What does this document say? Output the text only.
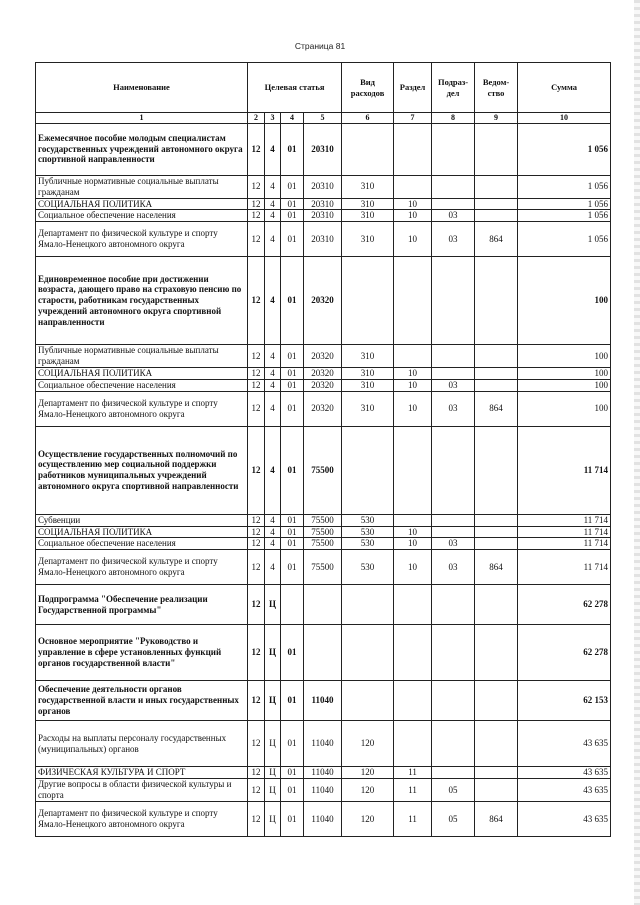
Страница 81
Наименование	Целевая статья				Вид расходов	Раздел	Подраз- дел	Ведом- ство	Сумма
1	2	3	4	5	6	7	8	9	10
Ежемесячное пособие молодым специалистам государственных учреждений автономного округа спортивной направленности	12	4	01	20310					1 056
Публичные нормативные социальные выплаты гражданам	12	4	01	20310	310				1 056
СОЦИАЛЬНАЯ ПОЛИТИКА	12	4	01	20310	310	10			1 056
Социальное обеспечение населения	12	4	01	20310	310	10	03		1 056
Департамент по физической культуре и спорту Ямало-Ненецкого автономного округа	12	4	01	20310	310	10	03	864	1 056
Единовременное пособие при достижении возраста, дающего право на страховую пенсию по старости, работникам государственных учреждений автономного округа спортивной направленности	12	4	01	20320					100
Публичные нормативные социальные выплаты гражданам	12	4	01	20320	310				100
СОЦИАЛЬНАЯ ПОЛИТИКА	12	4	01	20320	310	10			100
Социальное обеспечение населения	12	4	01	20320	310	10	03		100
Департамент по физической культуре и спорту Ямало-Ненецкого автономного округа	12	4	01	20320	310	10	03	864	100
Осуществление государственных полномочий по осуществлению мер социальной поддержки работников муниципальных учреждений автономного округа спортивной направленности	12	4	01	75500					11 714
Субвенции	12	4	01	75500	530				11 714
СОЦИАЛЬНАЯ ПОЛИТИКА	12	4	01	75500	530	10			11 714
Социальное обеспечение населения	12	4	01	75500	530	10	03		11 714
Департамент по физической культуре и спорту Ямало-Ненецкого автономного округа	12	4	01	75500	530	10	03	864	11 714
Подпрограмма "Обеспечение реализации Государственной программы"	12	Ц							62 278
Основное мероприятие "Руководство и управление в сфере установленных функций органов государственной власти"	12	Ц	01						62 278
Обеспечение деятельности органов государственной власти и иных государственных органов	12	Ц	01	11040					62 153
Расходы на выплаты персоналу государственных (муниципальных) органов	12	Ц	01	11040	120				43 635
ФИЗИЧЕСКАЯ КУЛЬТУРА И СПОРТ	12	Ц	01	11040	120	11			43 635
Другие вопросы в области физической культуры и спорта	12	Ц	01	11040	120	11	05		43 635
Департамент по физической культуре и спорту Ямало-Ненецкого автономного округа	12	Ц	01	11040	120	11	05	864	43 635
